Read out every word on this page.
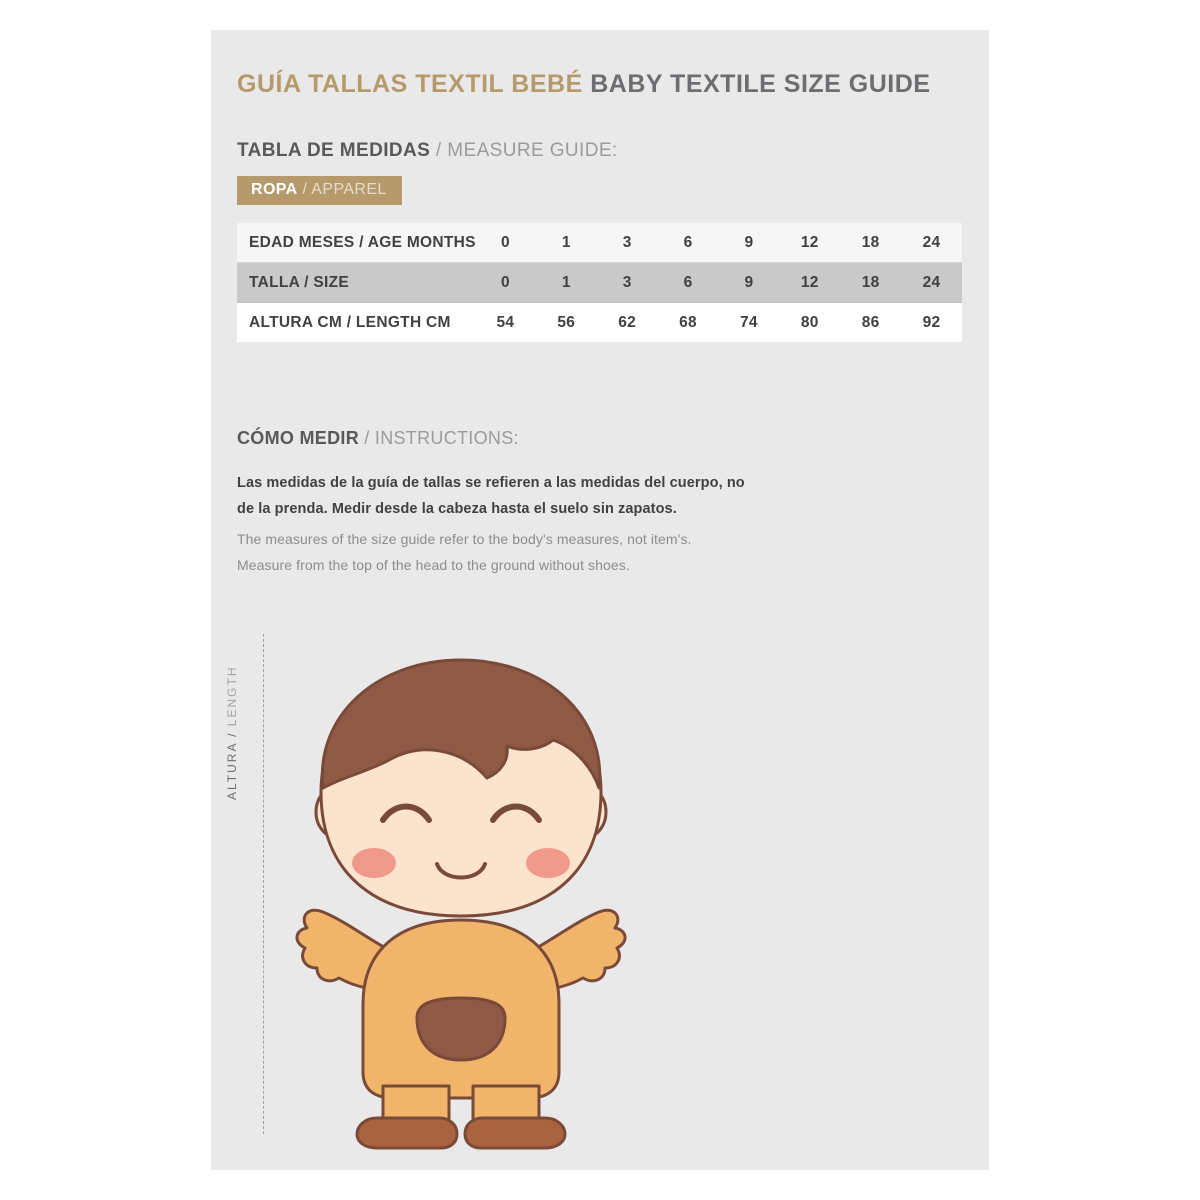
GUÍA TALLAS TEXTIL BEBÉ BABY TEXTILE SIZE GUIDE
TABLA DE MEDIDAS / MEASURE GUIDE:
ROPA / APPAREL
EDAD MESES / AGE MONTHS	0	1	3	6	9	12	18	24
TALLA / SIZE	0	1	3	6	9	12	18	24
ALTURA CM / LENGTH CM	54	56	62	68	74	80	86	92
CÓMO MEDIR / INSTRUCTIONS:
Las medidas de la guía de tallas se refieren a las medidas del cuerpo, no
de la prenda. Medir desde la cabeza hasta el suelo sin zapatos.
The measures of the size guide refer to the body's measures, not item's.
Measure from the top of the head to the ground without shoes.
ALTURA / LENGTH
